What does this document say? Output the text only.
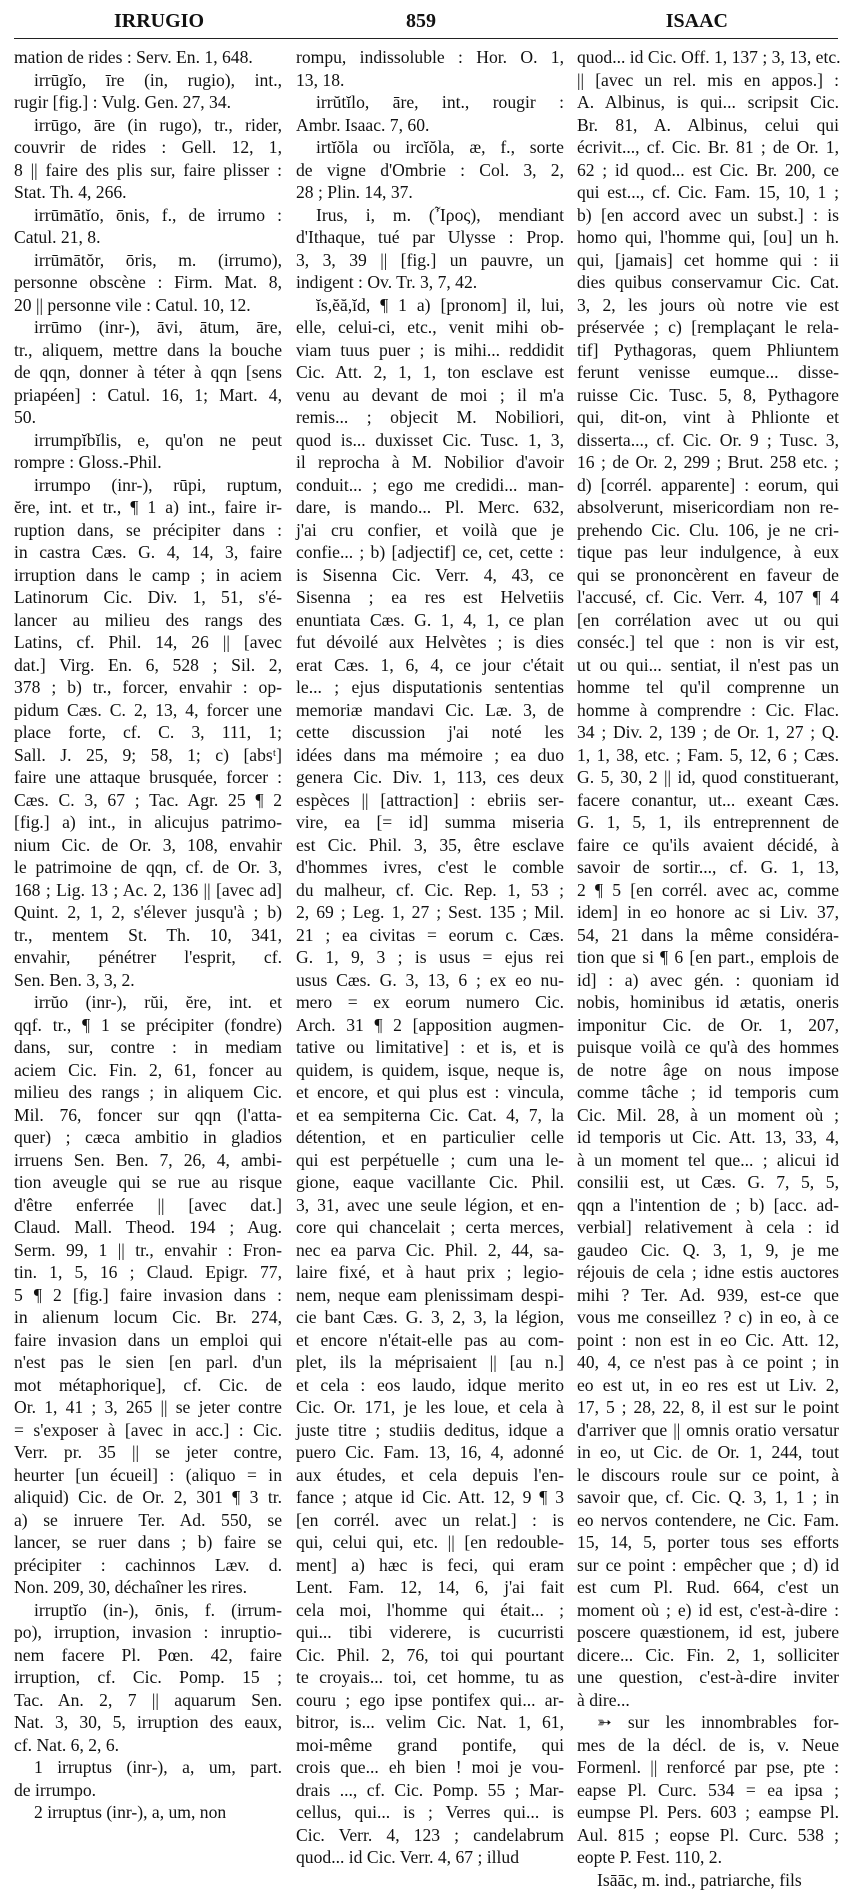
IRRUGIO	859	ISAAC
mation de rides : Serv. En. 1, 648.
irrūgĭo, īre (in, rugio), int.,
rugir [fig.] : Vulg. Gen. 27, 34.
irrūgo, āre (in rugo), tr., rider,
couvrir de rides : Gell. 12, 1,
8 || faire des plis sur, faire plisser :
Stat. Th. 4, 266.
irrūmātĭo, ōnis, f., de irrumo :
Catul. 21, 8.
irrūmātŏr, ōris, m. (irrumo),
personne obscène : Firm. Mat. 8,
20 || personne vile : Catul. 10, 12.
irrūmo (inr-), āvi, ātum, āre,
tr., aliquem, mettre dans la bouche
de qqn, donner à téter à qqn [sens
priapéen] : Catul. 16, 1; Mart. 4,
50.
irrumpĭbĭlis, e, qu'on ne peut
rompre : Gloss.-Phil.
irrumpo (inr-), rūpi, ruptum,
ĕre, int. et tr., ¶ 1 a) int., faire ir-
ruption dans, se précipiter dans :
in castra Cæs. G. 4, 14, 3, faire
irruption dans le camp ; in aciem
Latinorum Cic. Div. 1, 51, s'é-
lancer au milieu des rangs des
Latins, cf. Phil. 14, 26 || [avec
dat.] Virg. En. 6, 528 ; Sil. 2,
378 ; b) tr., forcer, envahir : op-
pidum Cæs. C. 2, 13, 4, forcer une
place forte, cf. C. 3, 111, 1;
Sall. J. 25, 9; 58, 1; c) [absᵗ]
faire une attaque brusquée, forcer :
Cæs. C. 3, 67 ; Tac. Agr. 25 ¶ 2
[fig.] a) int., in alicujus patrimo-
nium Cic. de Or. 3, 108, envahir
le patrimoine de qqn, cf. de Or. 3,
168 ; Lig. 13 ; Ac. 2, 136 || [avec ad]
Quint. 2, 1, 2, s'élever jusqu'à ; b)
tr., mentem St. Th. 10, 341,
envahir, pénétrer l'esprit, cf.
Sen. Ben. 3, 3, 2.
irrŭo (inr-), rŭi, ĕre, int. et
qqf. tr., ¶ 1 se précipiter (fondre)
dans, sur, contre : in mediam
aciem Cic. Fin. 2, 61, foncer au
milieu des rangs ; in aliquem Cic.
Mil. 76, foncer sur qqn (l'atta-
quer) ; cæca ambitio in gladios
irruens Sen. Ben. 7, 26, 4, ambi-
tion aveugle qui se rue au risque
d'être enferrée || [avec dat.]
Claud. Mall. Theod. 194 ; Aug.
Serm. 99, 1 || tr., envahir : Fron-
tin. 1, 5, 16 ; Claud. Epigr. 77,
5 ¶ 2 [fig.] faire invasion dans :
in alienum locum Cic. Br. 274,
faire invasion dans un emploi qui
n'est pas le sien [en parl. d'un
mot métaphorique], cf. Cic. de
Or. 1, 41 ; 3, 265 || se jeter contre
= s'exposer à [avec in acc.] : Cic.
Verr. pr. 35 || se jeter contre,
heurter [un écueil] : (aliquo = in
aliquid) Cic. de Or. 2, 301 ¶ 3 tr.
a) se inruere Ter. Ad. 550, se
lancer, se ruer dans ; b) faire se
précipiter : cachinnos Læv. d.
Non. 209, 30, déchaîner les rires.
irruptĭo (in-), ōnis, f. (irrum-
po), irruption, invasion : inruptio-
nem facere Pl. Pœn. 42, faire
irruption, cf. Cic. Pomp. 15 ;
Tac. An. 2, 7 || aquarum Sen.
Nat. 3, 30, 5, irruption des eaux,
cf. Nat. 6, 2, 6.
1 irruptus (inr-), a, um, part.
de irrumpo.
2 irruptus (inr-), a, um, non
rompu, indissoluble : Hor. O. 1,
13, 18.
irrŭtĭlo, āre, int., rougir :
Ambr. Isaac. 7, 60.
irtĭŏla ou ircĭŏla, æ, f., sorte
de vigne d'Ombrie : Col. 3, 2,
28 ; Plin. 14, 37.
Irus, i, m. (Ἶρος), mendiant
d'Ithaque, tué par Ulysse : Prop.
3, 3, 39 || [fig.] un pauvre, un
indigent : Ov. Tr. 3, 7, 42.
ĭs,ĕă,ĭd, ¶ 1 a) [pronom] il, lui,
elle, celui-ci, etc., venit mihi ob-
viam tuus puer ; is mihi... reddidit
Cic. Att. 2, 1, 1, ton esclave est
venu au devant de moi ; il m'a
remis... ; objecit M. Nobiliori,
quod is... duxisset Cic. Tusc. 1, 3,
il reprocha à M. Nobilior d'avoir
conduit... ; ego me credidi... man-
dare, is mando... Pl. Merc. 632,
j'ai cru confier, et voilà que je
confie... ; b) [adjectif] ce, cet, cette :
is Sisenna Cic. Verr. 4, 43, ce
Sisenna ; ea res est Helvetiis
enuntiata Cæs. G. 1, 4, 1, ce plan
fut dévoilé aux Helvètes ; is dies
erat Cæs. 1, 6, 4, ce jour c'était
le... ; ejus disputationis sententias
memoriæ mandavi Cic. Læ. 3, de
cette discussion j'ai noté les
idées dans ma mémoire ; ea duo
genera Cic. Div. 1, 113, ces deux
espèces || [attraction] : ebriis ser-
vire, ea [= id] summa miseria
est Cic. Phil. 3, 35, être esclave
d'hommes ivres, c'est le comble
du malheur, cf. Cic. Rep. 1, 53 ;
2, 69 ; Leg. 1, 27 ; Sest. 135 ; Mil.
21 ; ea civitas = eorum c. Cæs.
G. 1, 9, 3 ; is usus = ejus rei
usus Cæs. G. 3, 13, 6 ; ex eo nu-
mero = ex eorum numero Cic.
Arch. 31 ¶ 2 [apposition augmen-
tative ou limitative] : et is, et is
quidem, is quidem, isque, neque is,
et encore, et qui plus est : vincula,
et ea sempiterna Cic. Cat. 4, 7, la
détention, et en particulier celle
qui est perpétuelle ; cum una le-
gione, eaque vacillante Cic. Phil.
3, 31, avec une seule légion, et en-
core qui chancelait ; certa merces,
nec ea parva Cic. Phil. 2, 44, sa-
laire fixé, et à haut prix ; legio-
nem, neque eam plenissimam despi-
cie bant Cæs. G. 3, 2, 3, la légion,
et encore n'était-elle pas au com-
plet, ils la méprisaient || [au n.]
et cela : eos laudo, idque merito
Cic. Or. 171, je les loue, et cela à
juste titre ; studiis deditus, idque a
puero Cic. Fam. 13, 16, 4, adonné
aux études, et cela depuis l'en-
fance ; atque id Cic. Att. 12, 9 ¶ 3
[en corrél. avec un relat.] : is
qui, celui qui, etc. || [en redouble-
ment] a) hæc is feci, qui eram
Lent. Fam. 12, 14, 6, j'ai fait
cela moi, l'homme qui était... ;
qui... tibi viderere, is cucurristi
Cic. Phil. 2, 76, toi qui pourtant
te croyais... toi, cet homme, tu as
couru ; ego ipse pontifex qui... ar-
bitror, is... velim Cic. Nat. 1, 61,
moi-même grand pontife, qui
crois que... eh bien ! moi je vou-
drais ..., cf. Cic. Pomp. 55 ; Mar-
cellus, qui... is ; Verres qui... is
Cic. Verr. 4, 123 ; candelabrum
quod... id Cic. Verr. 4, 67 ; illud
quod... id Cic. Off. 1, 137 ; 3, 13, etc.
|| [avec un rel. mis en appos.] :
A. Albinus, is qui... scripsit Cic.
Br. 81, A. Albinus, celui qui
écrivit..., cf. Cic. Br. 81 ; de Or. 1,
62 ; id quod... est Cic. Br. 200, ce
qui est..., cf. Cic. Fam. 15, 10, 1 ;
b) [en accord avec un subst.] : is
homo qui, l'homme qui, [ou] un h.
qui, [jamais] cet homme qui : ii
dies quibus conservamur Cic. Cat.
3, 2, les jours où notre vie est
préservée ; c) [remplaçant le rela-
tif] Pythagoras, quem Phliuntem
ferunt venisse eumque... disse-
ruisse Cic. Tusc. 5, 8, Pythagore
qui, dit-on, vint à Phlionte et
disserta..., cf. Cic. Or. 9 ; Tusc. 3,
16 ; de Or. 2, 299 ; Brut. 258 etc. ;
d) [corrél. apparente] : eorum, qui
absolverunt, misericordiam non re-
prehendo Cic. Clu. 106, je ne cri-
tique pas leur indulgence, à eux
qui se prononcèrent en faveur de
l'accusé, cf. Cic. Verr. 4, 107 ¶ 4
[en corrélation avec ut ou qui
conséc.] tel que : non is vir est,
ut ou qui... sentiat, il n'est pas un
homme tel qu'il comprenne un
homme à comprendre : Cic. Flac.
34 ; Div. 2, 139 ; de Or. 1, 27 ; Q.
1, 1, 38, etc. ; Fam. 5, 12, 6 ; Cæs.
G. 5, 30, 2 || id, quod constituerant,
facere conantur, ut... exeant Cæs.
G. 1, 5, 1, ils entreprennent de
faire ce qu'ils avaient décidé, à
savoir de sortir..., cf. G. 1, 13,
2 ¶ 5 [en corrél. avec ac, comme
idem] in eo honore ac si Liv. 37,
54, 21 dans la même considéra-
tion que si ¶ 6 [en part., emplois de
id] : a) avec gén. : quoniam id
nobis, hominibus id ætatis, oneris
imponitur Cic. de Or. 1, 207,
puisque voilà ce qu'à des hommes
de notre âge on nous impose
comme tâche ; id temporis cum
Cic. Mil. 28, à un moment où ;
id temporis ut Cic. Att. 13, 33, 4,
à un moment tel que... ; alicui id
consilii est, ut Cæs. G. 7, 5, 5,
qqn a l'intention de ; b) [acc. ad-
verbial] relativement à cela : id
gaudeo Cic. Q. 3, 1, 9, je me
réjouis de cela ; idne estis auctores
mihi ? Ter. Ad. 939, est-ce que
vous me conseillez ? c) in eo, à ce
point : non est in eo Cic. Att. 12,
40, 4, ce n'est pas à ce point ; in
eo est ut, in eo res est ut Liv. 2,
17, 5 ; 28, 22, 8, il est sur le point
d'arriver que || omnis oratio versatur
in eo, ut Cic. de Or. 1, 244, tout
le discours roule sur ce point, à
savoir que, cf. Cic. Q. 3, 1, 1 ; in
eo nervos contendere, ne Cic. Fam.
15, 14, 5, porter tous ses efforts
sur ce point : empêcher que ; d) id
est cum Pl. Rud. 664, c'est un
moment où ; e) id est, c'est-à-dire :
poscere quæstionem, id est, jubere
dicere... Cic. Fin. 2, 1, solliciter
une question, c'est-à-dire inviter
à dire...
➳ sur les innombrables for-
mes de la décl. de is, v. Neue
Formenl. || renforcé par pse, pte :
eapse Pl. Curc. 534 = ea ipsa ;
eumpse Pl. Pers. 603 ; eampse Pl.
Aul. 815 ; eopse Pl. Curc. 538 ;
eopte P. Fest. 110, 2.
Isāāc, m. ind., patriarche, fils
